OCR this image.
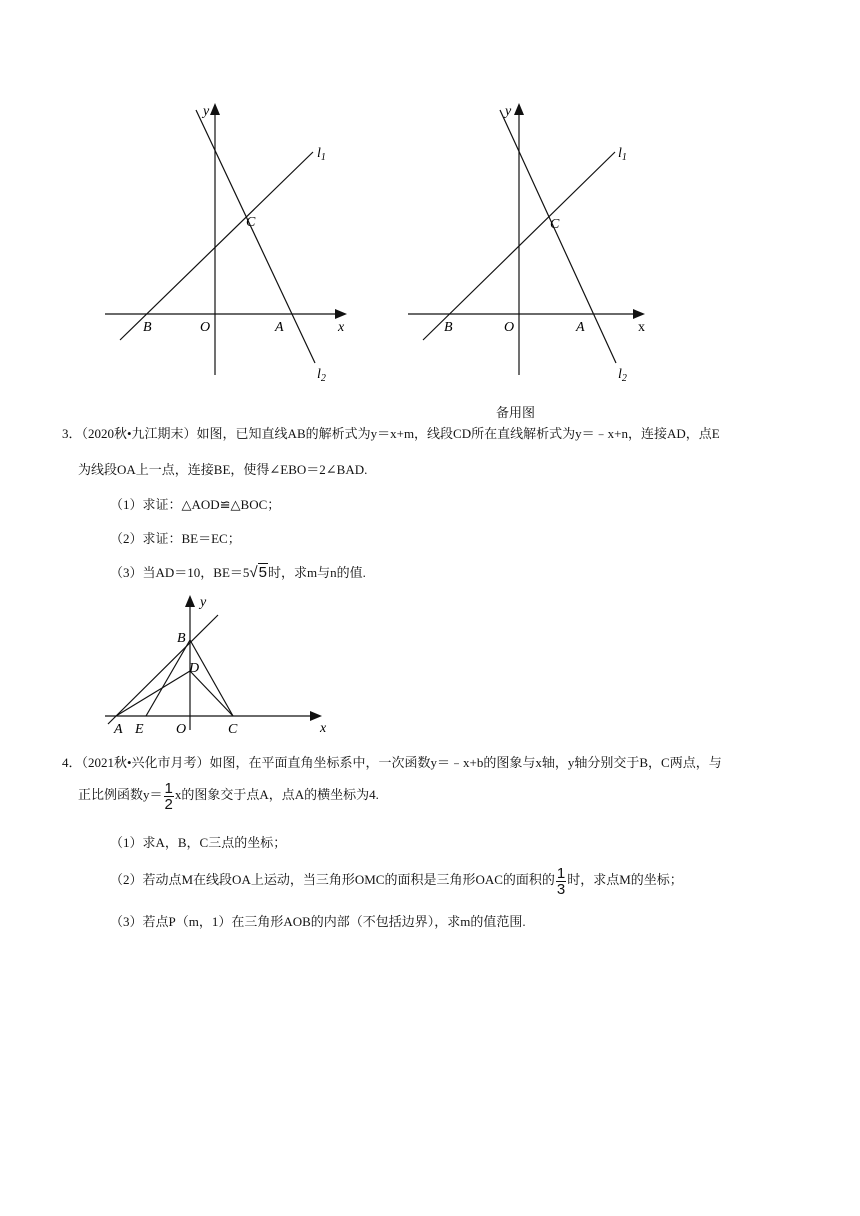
y
x
$l_1$
$l_2$
C
B	O	A
y
x
$l_1$
$l_2$
C
B	O	A
备用图
3．（2020秋•九江期末）如图，已知直线AB的解析式为y＝x+m，线段CD所在直线解析式为y＝﹣x+n，连接AD，点E
为线段OA上一点，连接BE，使得∠EBO＝2∠BAD.
（1）求证：△AOD≌△BOC；
（2）求证：BE＝EC；
（3）当AD＝10，BE＝5√5时，求m与n的值.
y
x
B
D
A E O	C
4．（2021秋•兴化市月考）如图，在平面直角坐标系中，一次函数y＝﹣x+b的图象与x轴，y轴分别交于B，C两点，与
正比例函数$y= \frac{1}{2}$ x的图象交于点A，点A的横坐标为4.
（1）求A，B，C三点的坐标；
（2）若动点M在线段OA上运动，当三角形OMC的面积是三角形OAC的面积的 $\frac{1}{3}$ 时，求点M的坐标；
（3）若点P（m，1）在三角形AOB的内部（不包括边界），求m的值范围.
